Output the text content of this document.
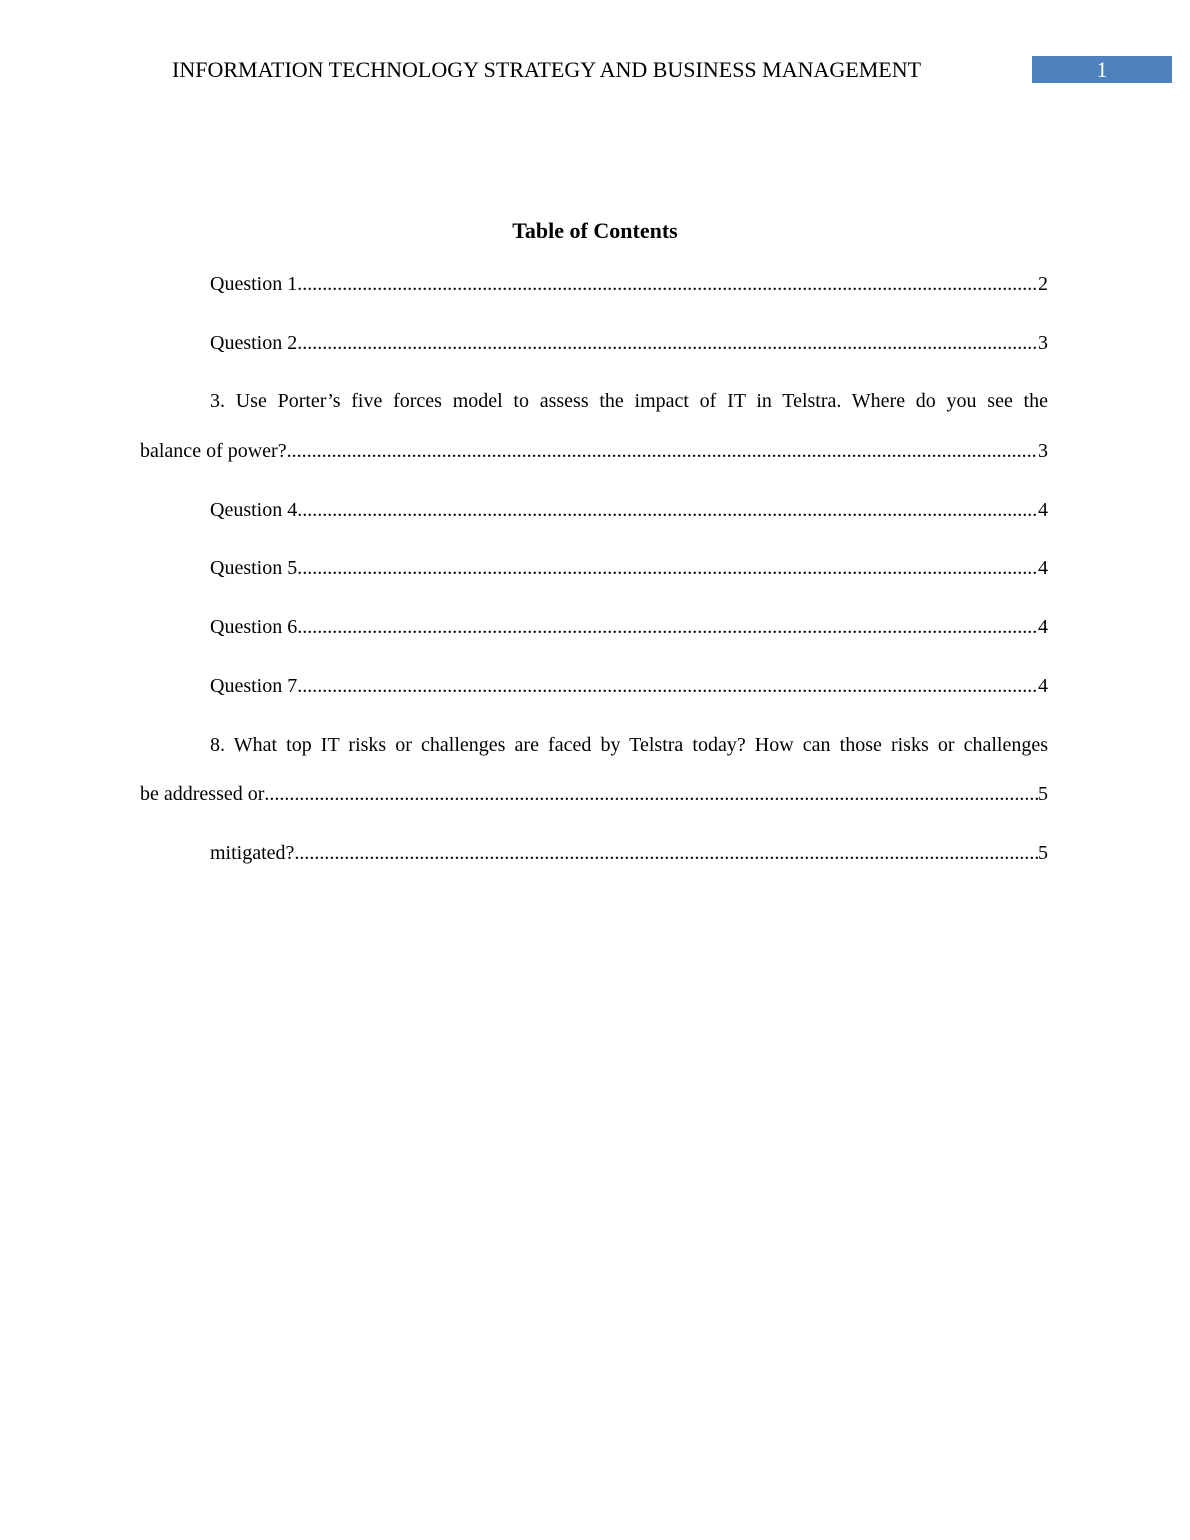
INFORMATION TECHNOLOGY STRATEGY AND BUSINESS MANAGEMENT	1
Table of Contents
Question 1 .....	2
Question 2 .....	3
3. Use Porter’s five forces model to assess the impact of IT in Telstra. Where do you see the
balance of power? .....	3
Qeustion 4 .....	4
Question 5 .....	4
Question 6 .....	4
Question 7 .....	4
8. What top IT risks or challenges are faced by Telstra today? How can those risks or challenges
be addressed or .....	5
mitigated? .....	5
